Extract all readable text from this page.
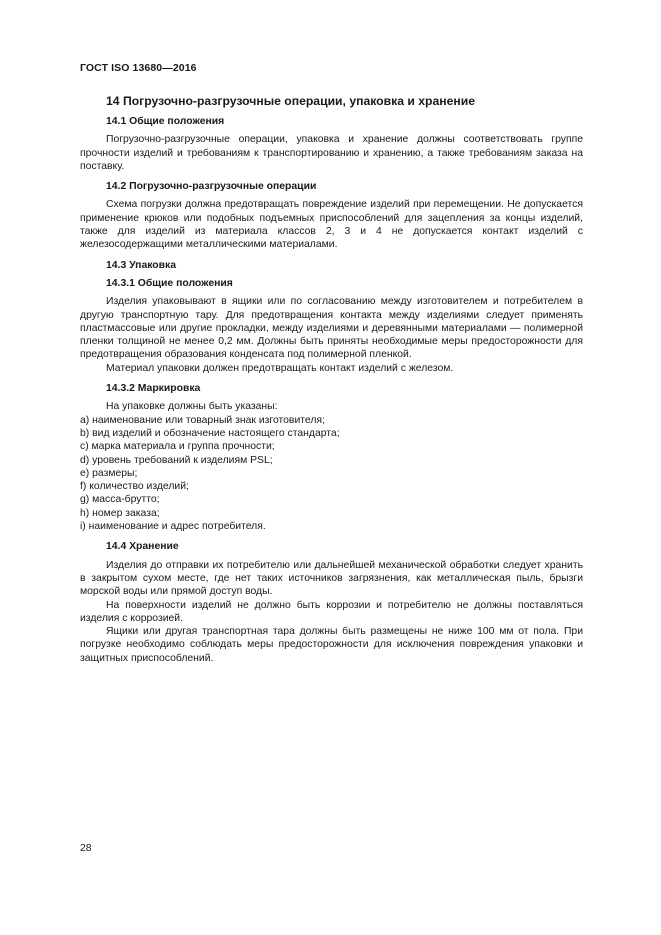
ГОСТ ISO 13680—2016
14 Погрузочно-разгрузочные операции, упаковка и хранение
14.1 Общие положения

Погрузочно-разгрузочные операции, упаковка и хранение должны соответствовать группе прочности изделий и требованиям к транспортированию и хранению, а также требованиям заказа на поставку.

14.2 Погрузочно-разгрузочные операции

Схема погрузки должна предотвращать повреждение изделий при перемещении. Не допускается применение крюков или подобных подъемных приспособлений для зацепления за концы изделий, также для изделий из материала классов 2, 3 и 4 не допускается контакт изделий с железосодержащими металлическими материалами.

14.3 Упаковка
14.3.1 Общие положения

Изделия упаковывают в ящики или по согласованию между изготовителем и потребителем в другую транспортную тару. Для предотвращения контакта между изделиями следует применять пластмассовые или другие прокладки, между изделиями и деревянными материалами — полимерной пленки толщиной не менее 0,2 мм. Должны быть приняты необходимые меры предосторожности для предотвращения образования конденсата под полимерной пленкой.

Материал упаковки должен предотвращать контакт изделий с железом.

14.3.2 Маркировка
На упаковке должны быть указаны:
a) наименование или товарный знак изготовителя;
b) вид изделий и обозначение настоящего стандарта;
c) марка материала и группа прочности;
d) уровень требований к изделиям PSL;
e) размеры;
f) количество изделий;
g) масса-брутто;
h) номер заказа;
i) наименование и адрес потребителя.
14.4 Хранение

Изделия до отправки их потребителю или дальнейшей механической обработки следует хранить в закрытом сухом месте, где нет таких источников загрязнения, как металлическая пыль, брызги морской воды или прямой доступ воды.

На поверхности изделий не должно быть коррозии и потребителю не должны поставляться изделия с коррозией.

Ящики или другая транспортная тара должны быть размещены не ниже 100 мм от пола. При погрузке необходимо соблюдать меры предосторожности для исключения повреждения упаковки и защитных приспособлений.

28
